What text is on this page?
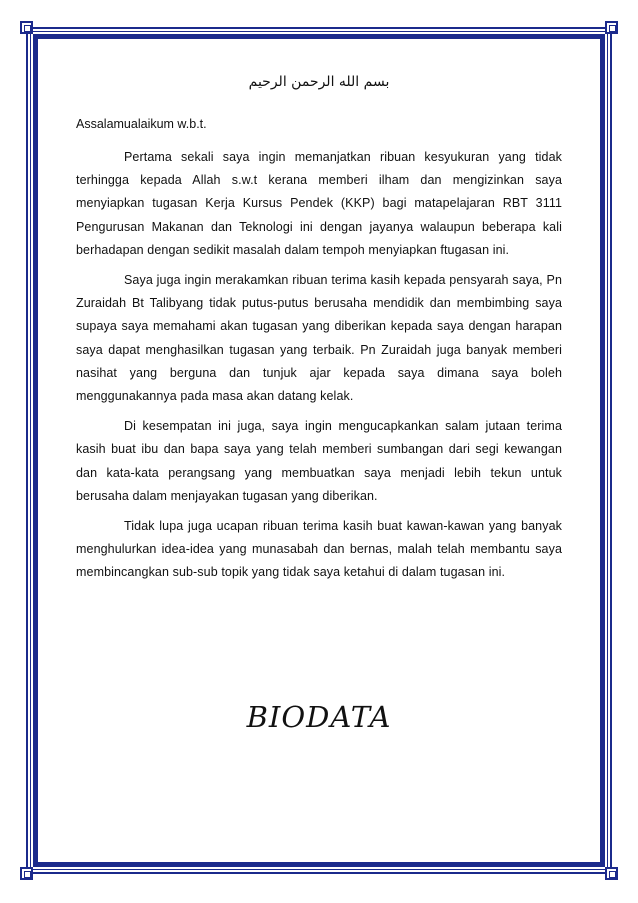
بسم الله الرحمن الرحيم

Assalamualaikum w.b.t.

Pertama sekali saya ingin memanjatkan ribuan kesyukuran yang tidak terhingga kepada Allah s.w.t kerana memberi ilham dan mengizinkan saya menyiapkan tugasan Kerja Kursus Pendek (KKP) bagi matapelajaran RBT 3111 Pengurusan Makanan dan Teknologi ini dengan jayanya walaupun beberapa kali berhadapan dengan sedikit masalah dalam tempoh menyiapkan ftugasan ini.

Saya juga ingin merakamkan ribuan terima kasih kepada pensyarah saya, Pn Zuraidah Bt Talibyang tidak putus-putus berusaha mendidik dan membimbing saya supaya saya memahami akan tugasan yang diberikan kepada saya dengan harapan saya dapat menghasilkan tugasan yang terbaik. Pn Zuraidah juga banyak memberi nasihat yang berguna dan tunjuk ajar kepada saya dimana saya boleh menggunakannya pada masa akan datang kelak.

Di kesempatan ini juga, saya ingin mengucapkankan salam jutaan terima kasih buat ibu dan bapa saya yang telah memberi sumbangan dari segi kewangan dan kata-kata perangsang yang membuatkan saya menjadi lebih tekun untuk berusaha dalam menjayakan tugasan yang diberikan.

Tidak lupa juga ucapan ribuan terima kasih buat kawan-kawan yang banyak menghulurkan idea-idea yang munasabah dan bernas, malah telah membantu saya membincangkan sub-sub topik yang tidak saya ketahui di dalam tugasan ini.

BIODATA
